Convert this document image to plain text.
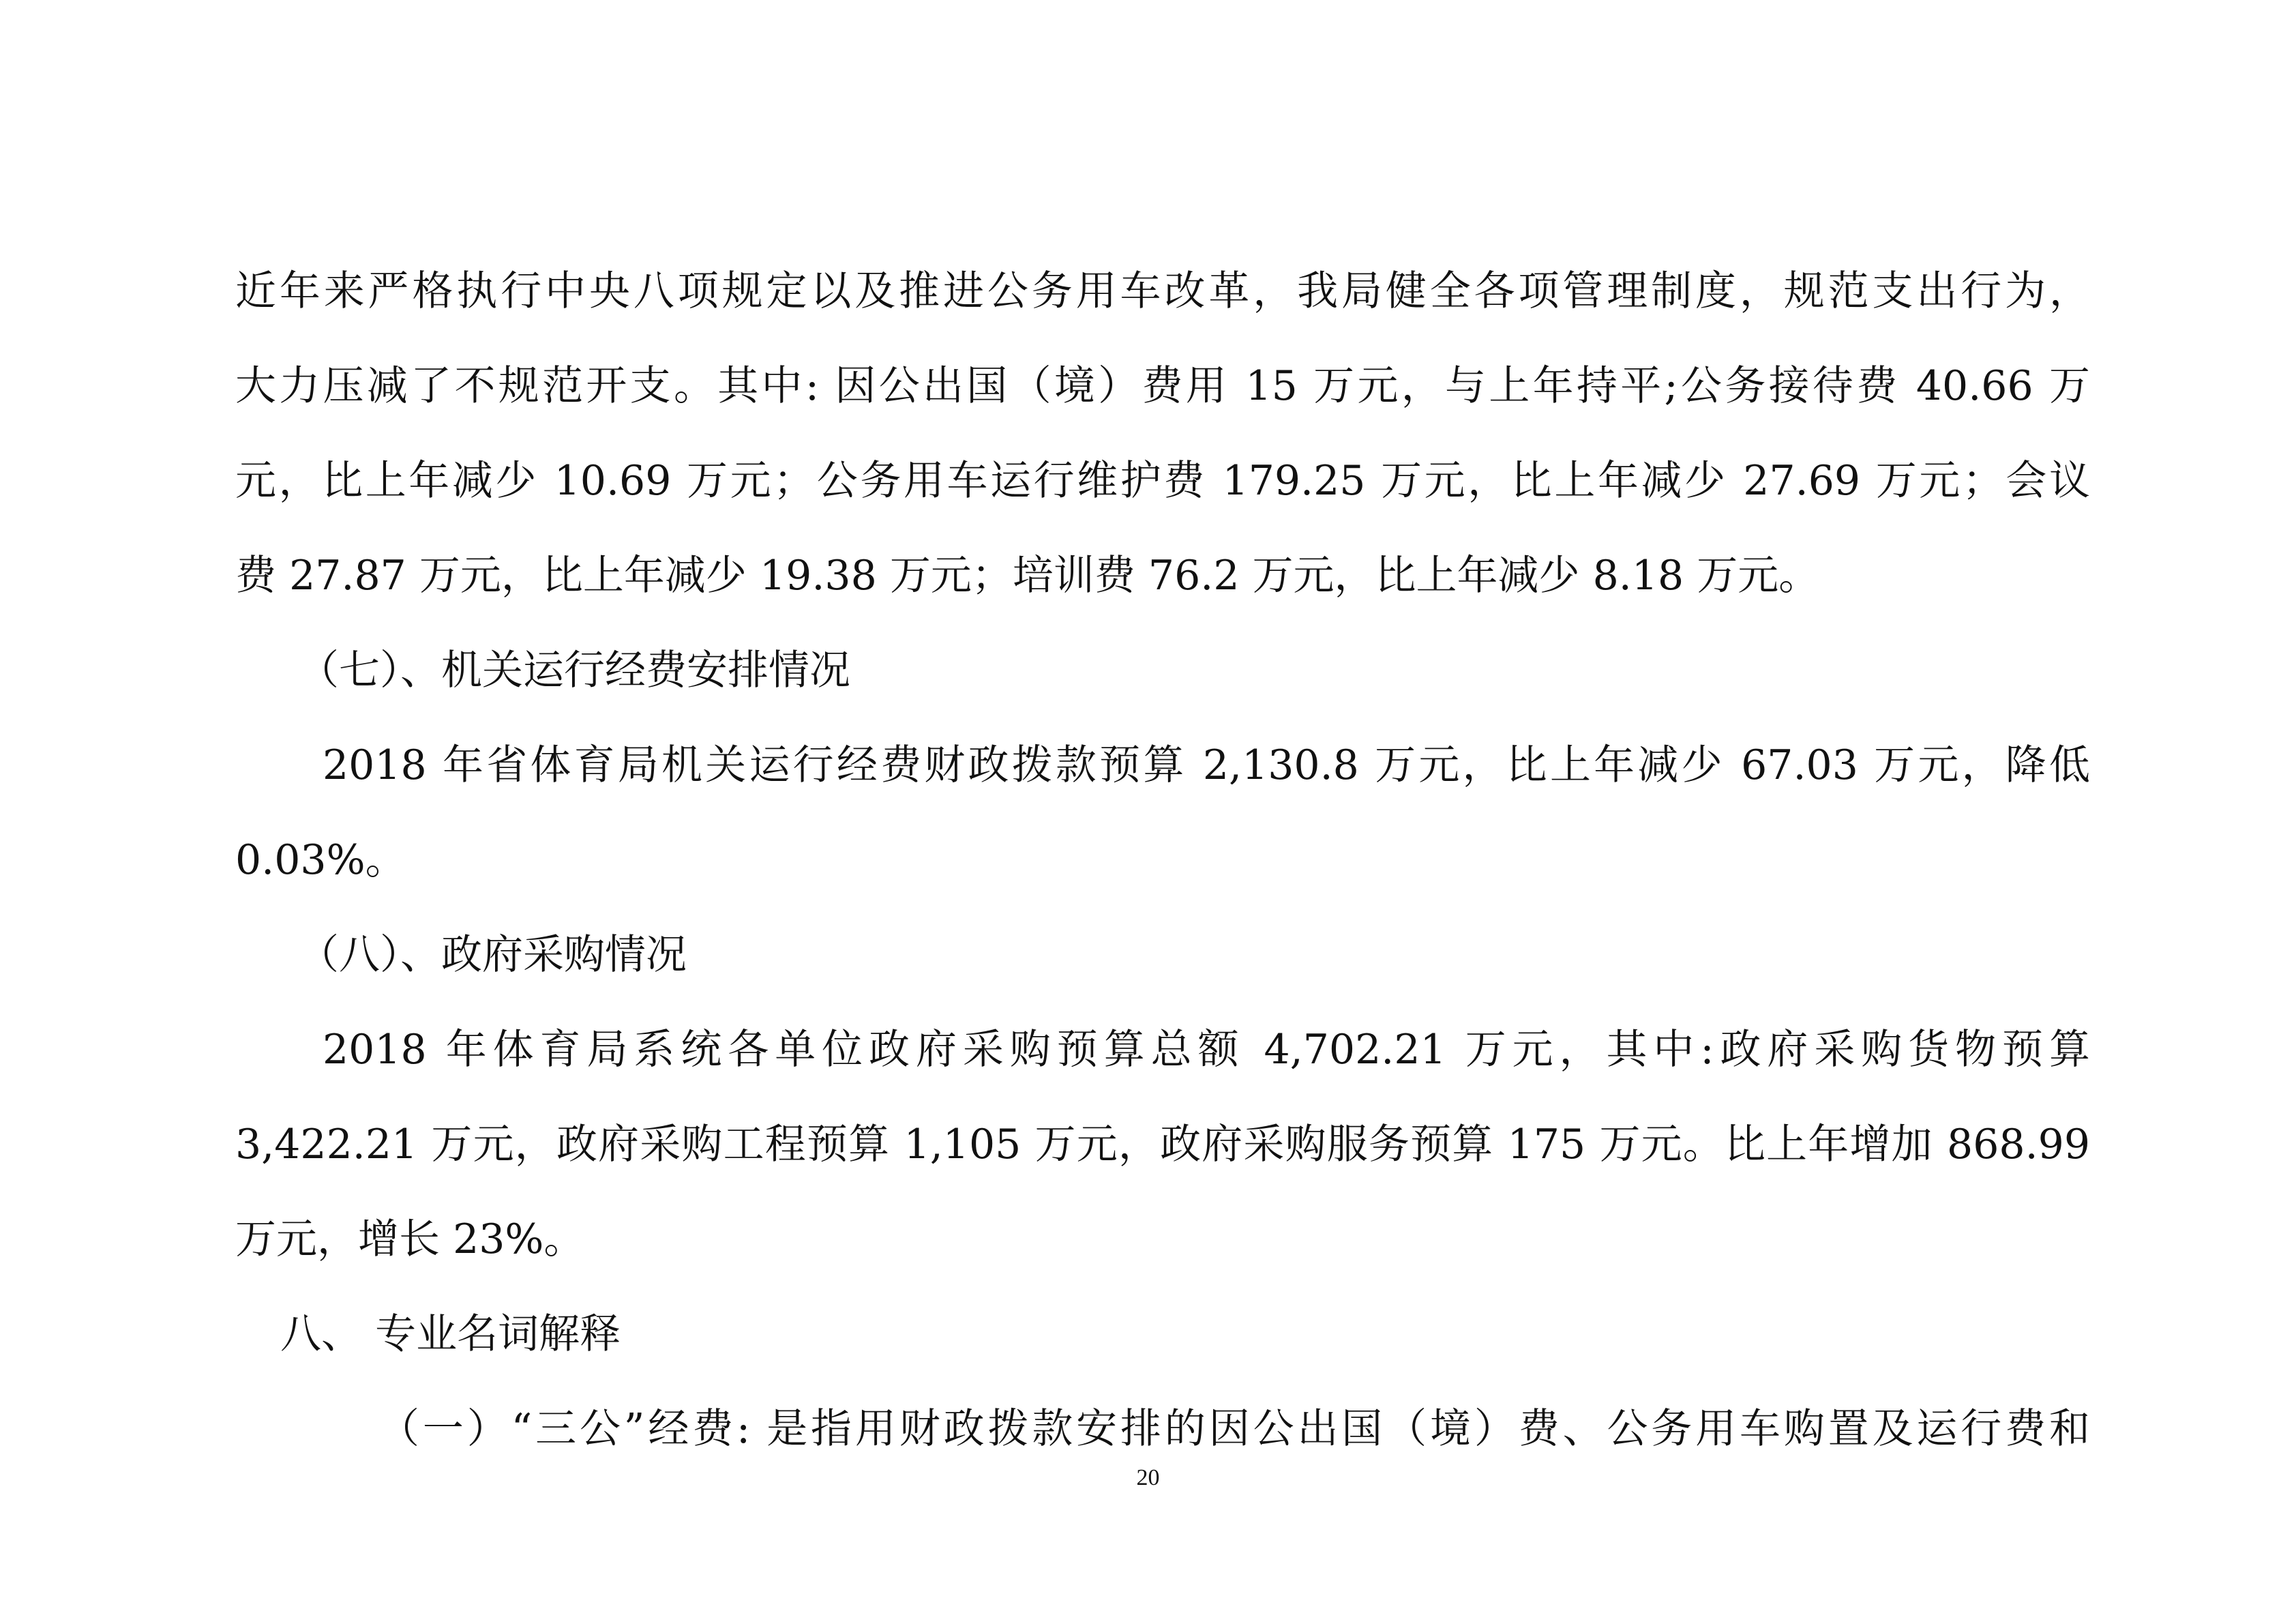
近年来严格执行中央八项规定以及推进公务用车改革，我局健全各项管理制度，规范支出行为，
大力压减了不规范开支。其中: 因公出国（境）费用 15 万元，与上年持平;公务接待费 40.66 万
元，比上年减少 10.69 万元；公务用车运行维护费 179.25 万元，比上年减少 27.69 万元；会议
费 27.87 万元，比上年减少 19.38 万元；培训费 76.2 万元，比上年减少 8.18 万元。
（七）、机关运行经费安排情况
2018 年省体育局机关运行经费财政拨款预算 2,130.8 万元，比上年减少 67.03 万元，降低
0.03%。
（八）、政府采购情况
2018 年体育局系统各单位政府采购预算总额 4,702.21 万元，其中:政府采购货物预算
3,422.21 万元，政府采购工程预算 1,105 万元，政府采购服务预算 175 万元。比上年增加 868.99
万元，增长 23%。
八、 专业名词解释
（一）“三公”经费: 是指用财政拨款安排的因公出国（境）费、公务用车购置及运行费和
20
